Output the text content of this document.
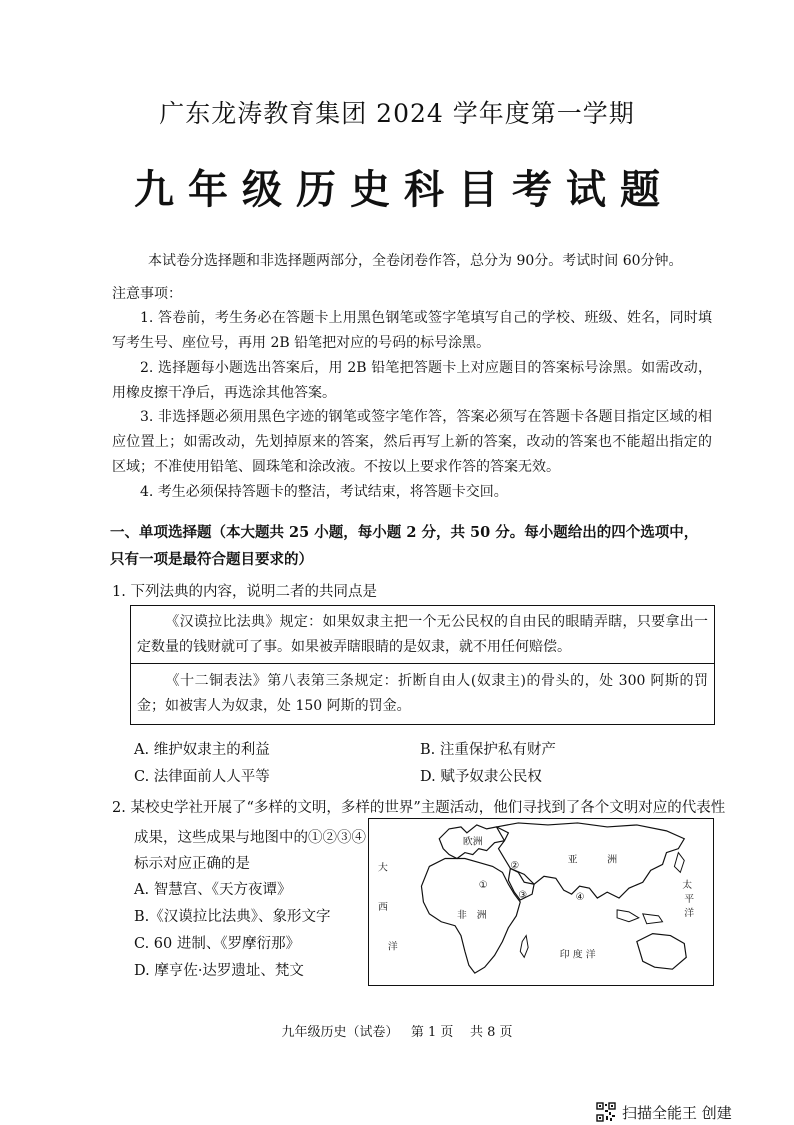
广东龙涛教育集团 2024 学年度第一学期
九年级历史科目考试题
本试卷分选择题和非选择题两部分，全卷闭卷作答，总分为 90分。考试时间 60分钟。
注意事项：
1. 答卷前，考生务必在答题卡上用黑色钢笔或签字笔填写自己的学校、班级、姓名，同时填写考生号、座位号，再用 2B 铅笔把对应的号码的标号涂黑。
2. 选择题每小题选出答案后，用 2B 铅笔把答题卡上对应题目的答案标号涂黑。如需改动，用橡皮擦干净后，再选涂其他答案。
3. 非选择题必须用黑色字迹的钢笔或签字笔作答，答案必须写在答题卡各题目指定区域的相应位置上；如需改动，先划掉原来的答案，然后再写上新的答案，改动的答案也不能超出指定的区域；不准使用铅笔、圆珠笔和涂改液。不按以上要求作答的答案无效。
4. 考生必须保持答题卡的整洁，考试结束，将答题卡交回。
一、单项选择题（本大题共 25 小题，每小题 2 分，共 50 分。每小题给出的四个选项中，只有一项是最符合题目要求的）
1. 下列法典的内容，说明二者的共同点是
《汉谟拉比法典》规定：如果奴隶主把一个无公民权的自由民的眼睛弄瞎，只要拿出一定数量的钱财就可了事。如果被弄瞎眼睛的是奴隶，就不用任何赔偿。
《十二铜表法》第八表第三条规定：折断自由人(奴隶主)的骨头的，处 300 阿斯的罚金；如被害人为奴隶，处 150 阿斯的罚金。
A. 维护奴隶主的利益	B. 注重保护私有财产
C. 法律面前人人平等	D. 赋予奴隶公民权
2. 某校史学社开展了“多样的文明，多样的世界”主题活动，他们寻找到了各个文明对应的代表性
成果，这些成果与地图中的①②③④
标示对应正确的是
A. 智慧宫、《天方夜谭》
B.《汉谟拉比法典》、象形文字
C. 60 进制、《罗摩衍那》
D. 摩亨佐·达罗遗址、梵文
欧洲
亚	洲
非 洲
大
西
洋
太
平
洋
印 度 洋
①
②
③	④
九年级历史（试卷）   第 1 页    共 8 页
扫描全能王 创建
